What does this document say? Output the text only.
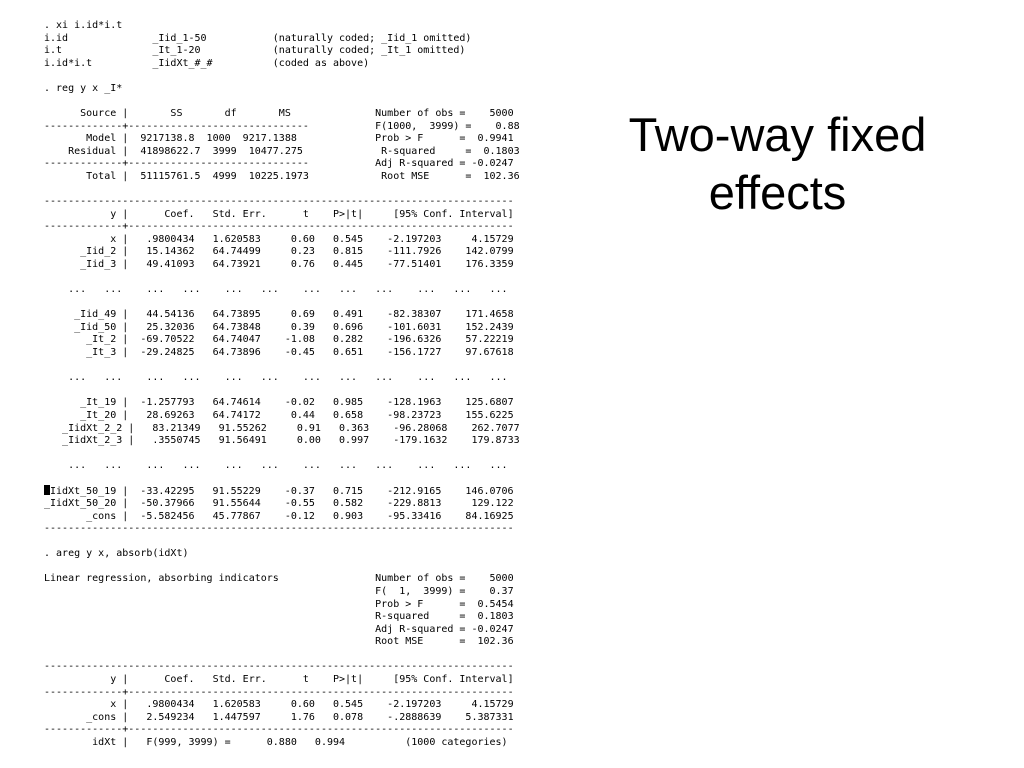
. xi i.id*i.t
i.id              _Iid_1-50           (naturally coded; _Iid_1 omitted)
i.t               _It_1-20            (naturally coded; _It_1 omitted)
i.id*i.t          _IidXt_#_#          (coded as above)

. reg y x _I*

Source |       SS       df       MS              Number of obs =    5000
-------------+------------------------------           F(1000,  3999) =    0.88
Model |  9217138.8  1000  9217.1388             Prob > F      =  0.9941
Residual |  41898622.7  3999  10477.275             R-squared     =  0.1803
-------------+------------------------------           Adj R-squared = -0.0247
Total |  51115761.5  4999  10225.1973            Root MSE      =  102.36

------------------------------------------------------------------------------
y |      Coef.   Std. Err.      t    P>|t|     [95% Conf. Interval]
-------------+----------------------------------------------------------------
x |   .9800434   1.620583     0.60   0.545    -2.197203     4.15729
_Iid_2 |   15.14362   64.74499     0.23   0.815    -111.7926    142.0799
_Iid_3 |   49.41093   64.73921     0.76   0.445    -77.51401    176.3359

...   ...    ...   ...    ...   ...    ...   ...   ...    ...   ...   ...

_Iid_49 |   44.54136   64.73895     0.69   0.491    -82.38307    171.4658
_Iid_50 |   25.32036   64.73848     0.39   0.696    -101.6031    152.2439
_It_2 |  -69.70522   64.74047    -1.08   0.282    -196.6326    57.22219
_It_3 |  -29.24825   64.73896    -0.45   0.651    -156.1727    97.67618

...   ...    ...   ...    ...   ...    ...   ...   ...    ...   ...   ...

_It_19 |  -1.257793   64.74614    -0.02   0.985    -128.1963    125.6807
_It_20 |   28.69263   64.74172     0.44   0.658    -98.23723    155.6225
_IidXt_2_2 |   83.21349   91.55262     0.91   0.363    -96.28068    262.7077
_IidXt_2_3 |   .3550745   91.56491     0.00   0.997    -179.1632    179.8733

...   ...    ...   ...    ...   ...    ...   ...   ...    ...   ...   ...

IidXt_50_19 |  -33.42295   91.55229    -0.37   0.715    -212.9165    146.0706
_IidXt_50_20 |  -50.37966   91.55644    -0.55   0.582    -229.8813     129.122
_cons |  -5.582456   45.77867    -0.12   0.903    -95.33416    84.16925
------------------------------------------------------------------------------

. areg y x, absorb(idXt)

Linear regression, absorbing indicators                Number of obs =    5000
F(  1,  3999) =    0.37
Prob > F      =  0.5454
R-squared     =  0.1803
Adj R-squared = -0.0247
Root MSE      =  102.36

------------------------------------------------------------------------------
y |      Coef.   Std. Err.      t    P>|t|     [95% Conf. Interval]
-------------+----------------------------------------------------------------
x |   .9800434   1.620583     0.60   0.545    -2.197203     4.15729
_cons |   2.549234   1.447597     1.76   0.078    -.2888639    5.387331
-------------+----------------------------------------------------------------
idXt |   F(999, 3999) =      0.880   0.994          (1000 categories)
Two-way fixed
effects
